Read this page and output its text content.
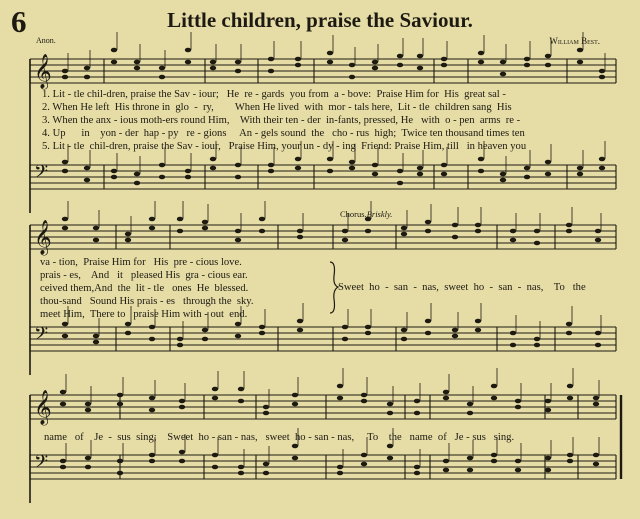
6	Little children, praise the Saviour.
Anon.	William Best.
𝄞
𝄢
𝄞
𝄢
𝄞
𝄢
1. Lit - tle chil-dren, praise the Sav - iour;   He  re - gards  you from  a - bove:  Praise Him for  His  great sal -
2. When He left  His throne in  glo  -  ry,        When He lived  with  mor - tals here,  Lit - tle  children sang  His
3. When the anx - ious moth-ers round Him,    With their ten - der  in-fants, pressed, He   with  o - pen  arms  re -
4. Up      in    yon - der  hap - py   re - gions     An - gels sound  the   cho - rus  high;  Twice ten thousand times ten
5. Lit - tle  chil-dren, praise the Sav - iour,   Praise Him, your un - dy - ing  Friend: Praise Him, till   in heaven you
va - tion,  Praise Him for   His  pre - cious love.
prais - es,    And   it   pleased His  gra - cious ear.
ceived them,And  the  lit - tle   ones  He  blessed.
thou-sand   Sound His prais - es   through the  sky.
meet Him,  There to   praise Him with - out  end.
Chorus.Briskly.
Sweet  ho  -  san  -  nas,  sweet  ho  -  san  -  nas,    To   the
name   of    Je  -  sus  sing;    Sweet  ho - san - nas,   sweet  ho - san - nas,     To    the   name  of   Je - sus   sing.
